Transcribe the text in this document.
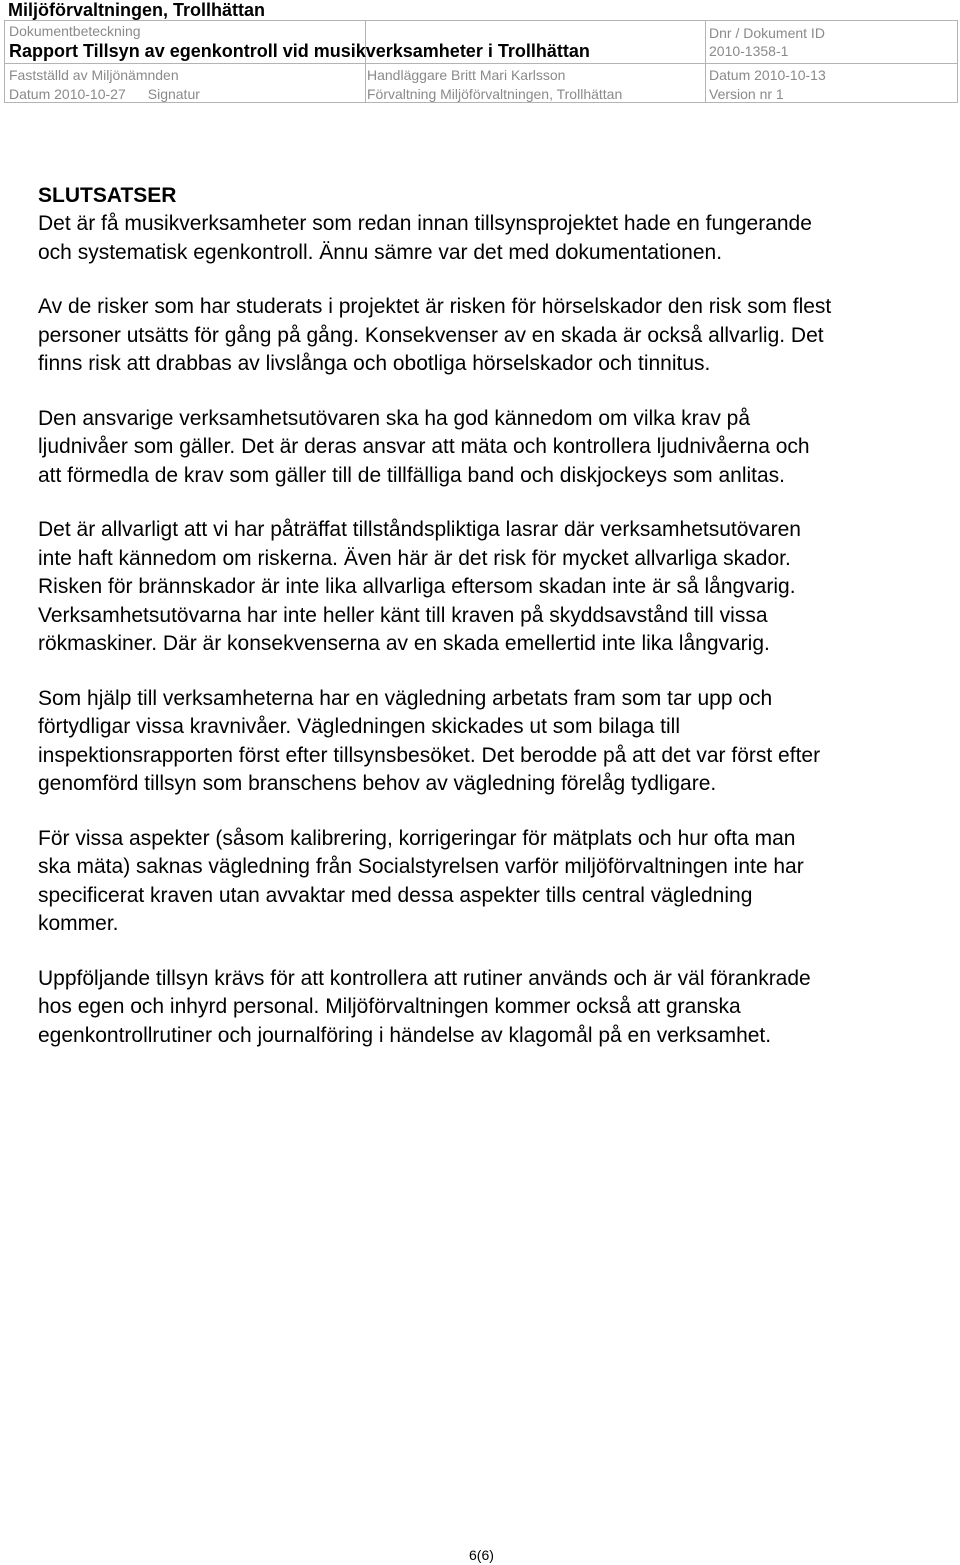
Miljöförvaltningen, Trollhättan
Dokumentbeteckning
Rapport Tillsyn av egenkontroll vid musikverksamheter i Trollhättan
Dnr / Dokument ID
2010-1358-1
Fastställd av Miljönämnden
Datum 2010-10-27 Signatur
Handläggare Britt Mari Karlsson
Förvaltning Miljöförvaltningen, Trollhättan
Datum 2010-10-13
Version nr 1
SLUTSATSER

Det är få musikverksamheter som redan innan tillsynsprojektet hade en fungerande
och systematisk egenkontroll. Ännu sämre var det med dokumentationen.

Av de risker som har studerats i projektet är risken för hörselskador den risk som flest
personer utsätts för gång på gång. Konsekvenser av en skada är också allvarlig. Det
finns risk att drabbas av livslånga och obotliga hörselskador och tinnitus.

Den ansvarige verksamhetsutövaren ska ha god kännedom om vilka krav på
ljudnivåer som gäller. Det är deras ansvar att mäta och kontrollera ljudnivåerna och
att förmedla de krav som gäller till de tillfälliga band och diskjockeys som anlitas.

Det är allvarligt att vi har påträffat tillståndspliktiga lasrar där verksamhetsutövaren
inte haft kännedom om riskerna. Även här är det risk för mycket allvarliga skador.
Risken för brännskador är inte lika allvarliga eftersom skadan inte är så långvarig.
Verksamhetsutövarna har inte heller känt till kraven på skyddsavstånd till vissa
rökmaskiner. Där är konsekvenserna av en skada emellertid inte lika långvarig.

Som hjälp till verksamheterna har en vägledning arbetats fram som tar upp och
förtydligar vissa kravnivåer. Vägledningen skickades ut som bilaga till
inspektionsrapporten först efter tillsynsbesöket. Det berodde på att det var först efter
genomförd tillsyn som branschens behov av vägledning förelåg tydligare.

För vissa aspekter (såsom kalibrering, korrigeringar för mätplats och hur ofta man
ska mäta) saknas vägledning från Socialstyrelsen varför miljöförvaltningen inte har
specificerat kraven utan avvaktar med dessa aspekter tills central vägledning
kommer.

Uppföljande tillsyn krävs för att kontrollera att rutiner används och är väl förankrade
hos egen och inhyrd personal. Miljöförvaltningen kommer också att granska
egenkontrollrutiner och journalföring i händelse av klagomål på en verksamhet.

6(6)
